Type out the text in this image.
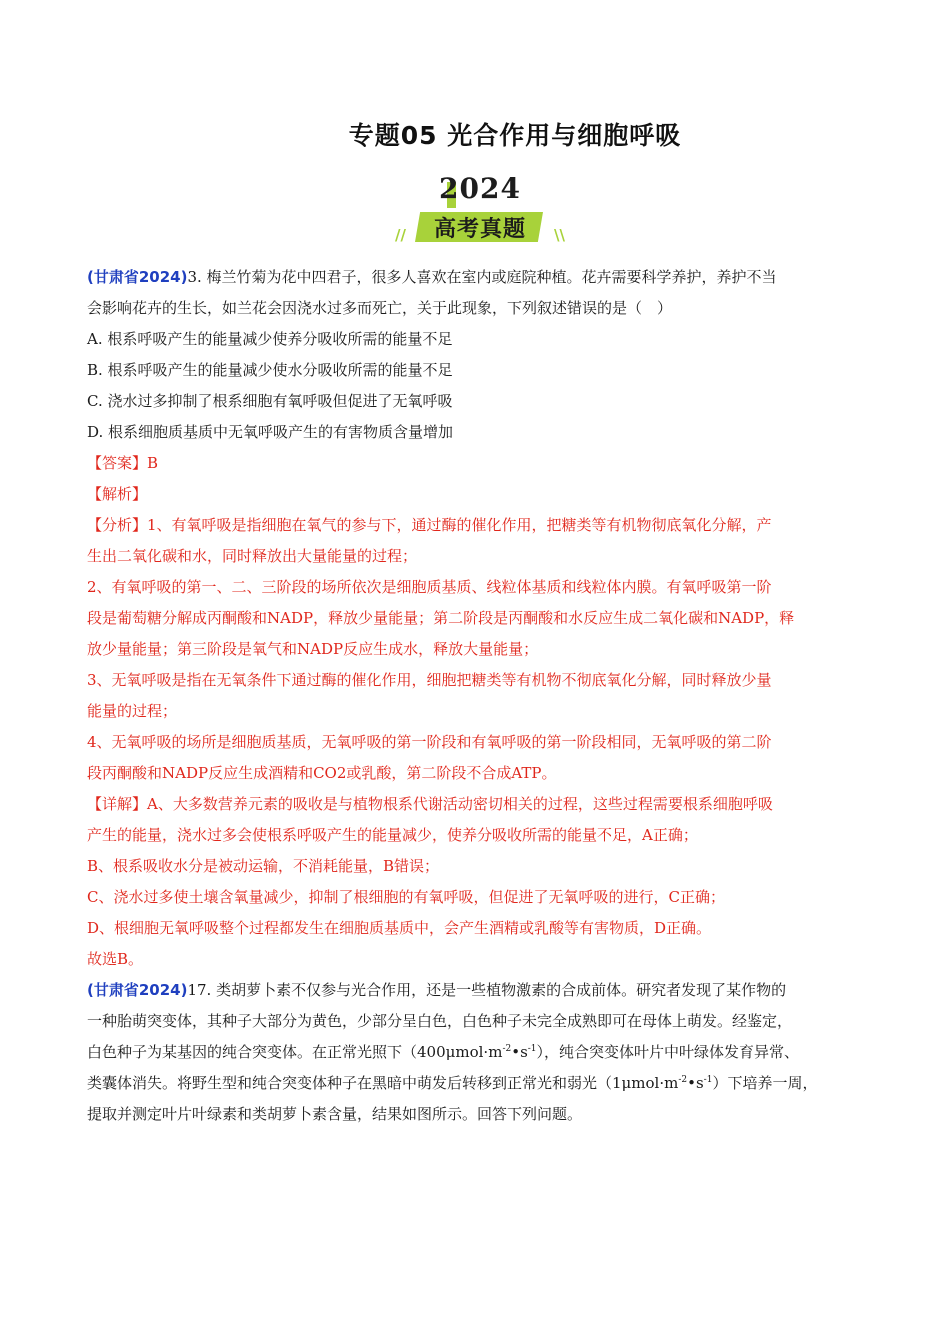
专题05 光合作用与细胞呼吸
2024
//	高考真题	\\
(甘肃省2024)3. 梅兰竹菊为花中四君子，很多人喜欢在室内或庭院种植。花卉需要科学养护，养护不当
会影响花卉的生长，如兰花会因浇水过多而死亡，关于此现象，下列叙述错误的是（　）
A. 根系呼吸产生的能量减少使养分吸收所需的能量不足
B. 根系呼吸产生的能量减少使水分吸收所需的能量不足
C. 浇水过多抑制了根系细胞有氧呼吸但促进了无氧呼吸
D. 根系细胞质基质中无氧呼吸产生的有害物质含量增加
【答案】B
【解析】
【分析】1、有氧呼吸是指细胞在氧气的参与下，通过酶的催化作用，把糖类等有机物彻底氧化分解，产
生出二氧化碳和水，同时释放出大量能量的过程；
2、有氧呼吸的第一、二、三阶段的场所依次是细胞质基质、线粒体基质和线粒体内膜。有氧呼吸第一阶
段是葡萄糖分解成丙酮酸和NADP，释放少量能量；第二阶段是丙酮酸和水反应生成二氧化碳和NADP，释
放少量能量；第三阶段是氧气和NADP反应生成水，释放大量能量；
3、无氧呼吸是指在无氧条件下通过酶的催化作用，细胞把糖类等有机物不彻底氧化分解，同时释放少量
能量的过程；
4、无氧呼吸的场所是细胞质基质，无氧呼吸的第一阶段和有氧呼吸的第一阶段相同，无氧呼吸的第二阶
段丙酮酸和NADP反应生成酒精和CO2或乳酸，第二阶段不合成ATP。
【详解】A、大多数营养元素的吸收是与植物根系代谢活动密切相关的过程，这些过程需要根系细胞呼吸
产生的能量，浇水过多会使根系呼吸产生的能量减少，使养分吸收所需的能量不足，A正确；
B、根系吸收水分是被动运输，不消耗能量，B错误；
C、浇水过多使土壤含氧量减少，抑制了根细胞的有氧呼吸，但促进了无氧呼吸的进行，C正确；
D、根细胞无氧呼吸整个过程都发生在细胞质基质中，会产生酒精或乳酸等有害物质，D正确。
故选B。
(甘肃省2024)17. 类胡萝卜素不仅参与光合作用，还是一些植物激素的合成前体。研究者发现了某作物的
一种胎萌突变体，其种子大部分为黄色，少部分呈白色，白色种子未完全成熟即可在母体上萌发。经鉴定，
白色种子为某基因的纯合突变体。在正常光照下$(400\mu mol\cdot m^{-2}•s^{-1})$，纯合突变体叶片中叶绿体发育异常、
类囊体消失。将野生型和纯合突变体种子在黑暗中萌发后转移到正常光和弱光$(1\mu mol\cdot m^{-2}•s^{-1})$下培养一周，
提取并测定叶片叶绿素和类胡萝卜素含量，结果如图所示。回答下列问题。
